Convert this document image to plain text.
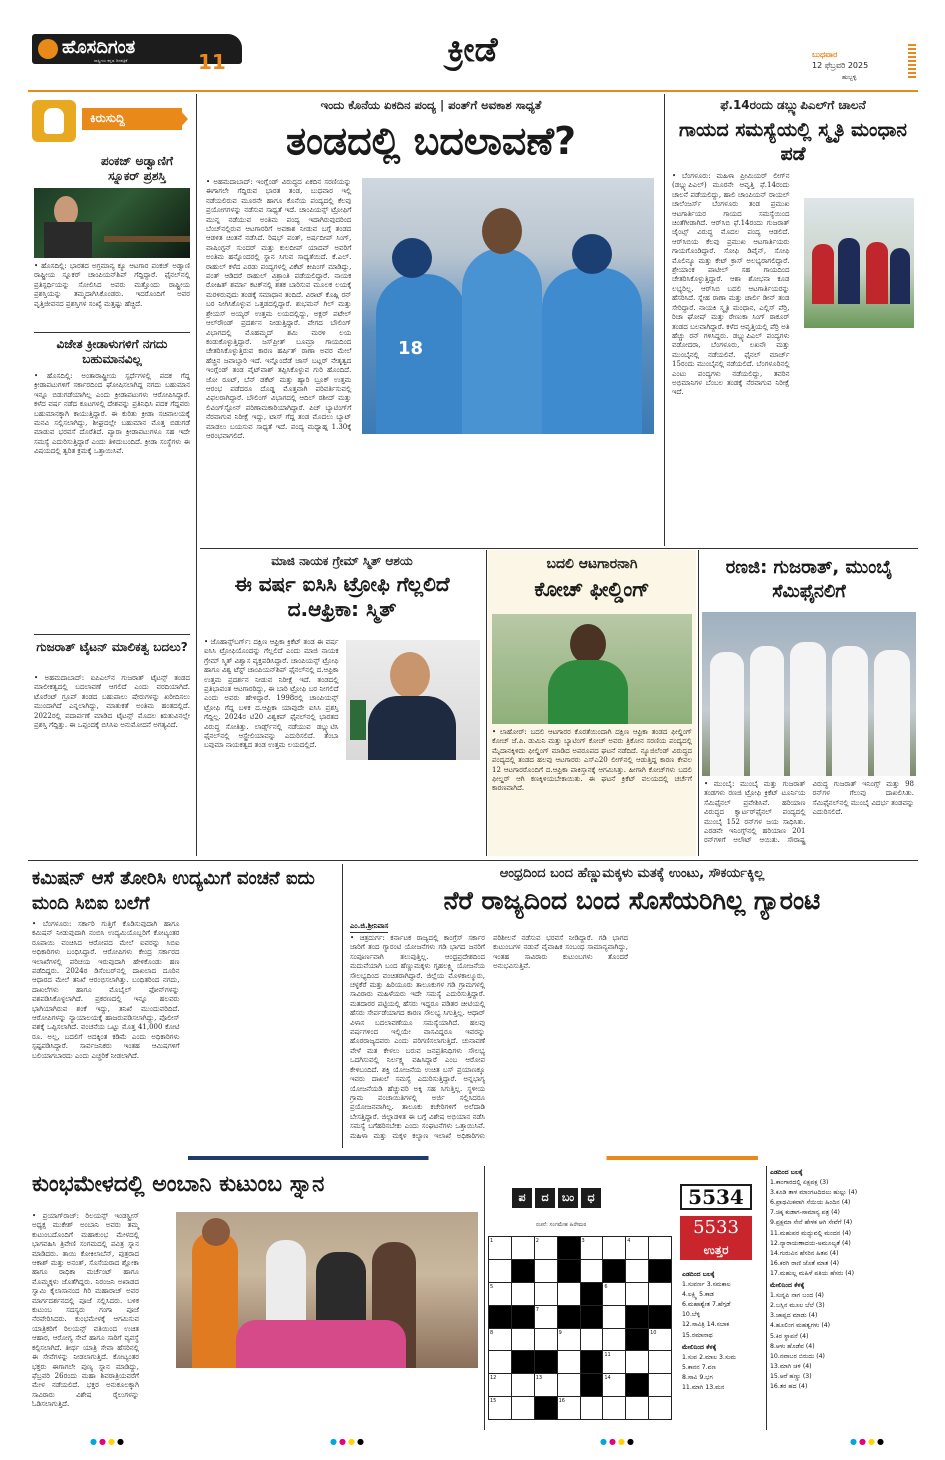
ಹೊಸದಿಗಂತ
ರಾಷ್ಟ್ರೀಯ ಕನ್ನಡ ದಿನಪತ್ರಿಕೆ	11	ಕ್ರೀಡೆ	ಬುಧವಾರ
12 ಫೆಬ್ರವರಿ 2025
ಹುಬ್ಬಳ್ಳಿ
ಕಿರುಸುದ್ದಿ
ಪಂಕಜ್ ಅಡ್ವಾಣಿಗೆ ಸ್ನೂಕರ್ ಪ್ರಶಸ್ತಿ
• ಹೊಸದಿಲ್ಲಿ: ಭಾರತದ ಅಗ್ರಮಾನ್ಯ ಕ್ಯೂ ಆಟಗಾರ ಪಂಕಜ್ ಅಡ್ವಾಣಿ ರಾಷ್ಟ್ರೀಯ ಸ್ನೂಕರ್ ಚಾಂಪಿಯನ್‌ಶಿಪ್ ಗೆದ್ದಿದ್ದಾರೆ. ಫೈನಲ್‌ನಲ್ಲಿ ಪ್ರತಿಸ್ಪರ್ಧಿಯನ್ನು ಸೋಲಿಸಿದ ಅವರು ಮತ್ತೊಂದು ರಾಷ್ಟ್ರೀಯ ಪ್ರಶಸ್ತಿಯನ್ನು ತಮ್ಮದಾಗಿಸಿಕೊಂಡರು. ಇದರೊಂದಿಗೆ ಅವರ ವೃತ್ತಿಜೀವನದ ಪ್ರಶಸ್ತಿಗಳ ಸಂಖ್ಯೆ ಮತ್ತಷ್ಟು ಹೆಚ್ಚಿದೆ.
ವಿಜೇತ ಕ್ರೀಡಾಳುಗಳಿಗೆ ನಗದು ಬಹುಮಾನವಿಲ್ಲ
• ಹೊಸದಿಲ್ಲಿ: ಅಂತಾರಾಷ್ಟ್ರೀಯ ಸ್ಪರ್ಧೆಗಳಲ್ಲಿ ಪದಕ ಗೆದ್ದ ಕ್ರೀಡಾಪಟುಗಳಿಗೆ ಸರ್ಕಾರದಿಂದ ಘೋಷಿಸಲಾಗಿದ್ದ ನಗದು ಬಹುಮಾನ ಇನ್ನೂ ಬಿಡುಗಡೆಯಾಗಿಲ್ಲ ಎಂದು ಕ್ರೀಡಾಪಟುಗಳು ಆರೋಪಿಸಿದ್ದಾರೆ. ಕಳೆದ ವರ್ಷ ನಡೆದ ಕೂಟಗಳಲ್ಲಿ ದೇಶವನ್ನು ಪ್ರತಿನಿಧಿಸಿ ಪದಕ ಗೆದ್ದವರು ಬಹುಮಾನಕ್ಕಾಗಿ ಕಾಯುತ್ತಿದ್ದಾರೆ. ಈ ಕುರಿತು ಕ್ರೀಡಾ ಸಚಿವಾಲಯಕ್ಕೆ ಮನವಿ ಸಲ್ಲಿಸಲಾಗಿದ್ದು, ಶೀಘ್ರದಲ್ಲೇ ಬಹುಮಾನ ಮೊತ್ತ ಬಿಡುಗಡೆ ಮಾಡುವ ಭರವಸೆ ದೊರೆತಿದೆ. ಪ್ಯಾರಾ ಕ್ರೀಡಾಪಟುಗಳೂ ಸಹ ಇದೇ ಸಮಸ್ಯೆ ಎದುರಿಸುತ್ತಿದ್ದಾರೆ ಎಂದು ತಿಳಿದುಬಂದಿದೆ. ಕ್ರೀಡಾ ಸಂಸ್ಥೆಗಳು ಈ ವಿಷಯದಲ್ಲಿ ತ್ವರಿತ ಕ್ರಮಕ್ಕೆ ಒತ್ತಾಯಿಸಿವೆ.
ಗುಜರಾತ್ ಟೈಟನ್ ಮಾಲಿಕತ್ವ ಬದಲು?
• ಅಹಮದಾಬಾದ್: ಐಪಿಎಲ್‌ನ ಗುಜರಾತ್ ಟೈಟನ್ಸ್ ತಂಡದ ಮಾಲೀಕತ್ವದಲ್ಲಿ ಬದಲಾವಣೆ ಆಗಲಿದೆ ಎಂದು ವರದಿಯಾಗಿದೆ. ಟೊರೆಂಟ್ ಗ್ರೂಪ್ ತಂಡದ ಬಹುಪಾಲು ಷೇರುಗಳನ್ನು ಖರೀದಿಸಲು ಮುಂದಾಗಿದೆ ಎನ್ನಲಾಗಿದ್ದು, ಮಾತುಕತೆ ಅಂತಿಮ ಹಂತದಲ್ಲಿದೆ. 2022ರಲ್ಲಿ ಪದಾರ್ಪಣೆ ಮಾಡಿದ ಟೈಟನ್ಸ್ ಮೊದಲ ಋತುವಿನಲ್ಲೇ ಪ್ರಶಸ್ತಿ ಗೆದ್ದಿತ್ತು. ಈ ಒಪ್ಪಂದಕ್ಕೆ ಬಿಸಿಸಿಐ ಅನುಮೋದನೆ ಅಗತ್ಯವಿದೆ.
ಇಂದು ಕೊನೆಯ ಏಕದಿನ ಪಂದ್ಯ | ಪಂತ್‌ಗೆ ಅವಕಾಶ ಸಾಧ್ಯತೆ
ತಂಡದಲ್ಲಿ ಬದಲಾವಣೆ?
18
• ಅಹಮದಾಬಾದ್: ಇಂಗ್ಲೆಂಡ್ ವಿರುದ್ಧದ ಏಕದಿನ ಸರಣಿಯನ್ನು ಈಗಾಗಲೇ ಗೆದ್ದಿರುವ ಭಾರತ ತಂಡ, ಬುಧವಾರ ಇಲ್ಲಿ ನಡೆಯಲಿರುವ ಮೂರನೇ ಹಾಗೂ ಕೊನೆಯ ಪಂದ್ಯದಲ್ಲಿ ಕೆಲವು ಪ್ರಯೋಗಗಳನ್ನು ನಡೆಸುವ ಸಾಧ್ಯತೆ ಇದೆ. ಚಾಂಪಿಯನ್ಸ್ ಟ್ರೋಫಿಗೆ ಮುನ್ನ ನಡೆಯುವ ಅಂತಿಮ ಪಂದ್ಯ ಇದಾಗಿರುವುದರಿಂದ ಬೆಂಚ್‌ನಲ್ಲಿರುವ ಆಟಗಾರರಿಗೆ ಅವಕಾಶ ನೀಡುವ ಬಗ್ಗೆ ತಂಡದ ಆಡಳಿತ ಚಿಂತನೆ ನಡೆಸಿದೆ. ರಿಷಭ್ ಪಂತ್, ಅರ್ಷದೀಪ್ ಸಿಂಗ್, ವಾಷಿಂಗ್ಟನ್ ಸುಂದರ್ ಮತ್ತು ಕುಲದೀಪ್ ಯಾದವ್ ಅವರಿಗೆ ಅಂತಿಮ ಹನ್ನೊಂದರಲ್ಲಿ ಸ್ಥಾನ ಸಿಗುವ ಸಾಧ್ಯತೆಯಿದೆ. ಕೆ.ಎಲ್. ರಾಹುಲ್ ಕಳೆದ ಎರಡು ಪಂದ್ಯಗಳಲ್ಲಿ ವಿಕೆಟ್ ಕೀಪಿಂಗ್ ಮಾಡಿದ್ದು, ಪಂತ್ ಆಡಿದರೆ ರಾಹುಲ್ ವಿಶ್ರಾಂತಿ ಪಡೆಯಲಿದ್ದಾರೆ. ನಾಯಕ ರೋಹಿತ್ ಶರ್ಮಾ ಕಟಕ್‌ನಲ್ಲಿ ಶತಕ ಬಾರಿಸುವ ಮೂಲಕ ಲಯಕ್ಕೆ ಮರಳಿರುವುದು ತಂಡಕ್ಕೆ ಸಮಾಧಾನ ತಂದಿದೆ. ವಿರಾಟ್ ಕೊಹ್ಲಿ ರನ್ ಬರ ನೀಗಿಸಿಕೊಳ್ಳುವ ಒತ್ತಡದಲ್ಲಿದ್ದಾರೆ. ಶುಭಮನ್ ಗಿಲ್ ಮತ್ತು ಶ್ರೇಯಸ್ ಅಯ್ಯರ್ ಉತ್ತಮ ಲಯದಲ್ಲಿದ್ದು, ಅಕ್ಷರ್ ಪಟೇಲ್ ಆಲ್‌ರೌಂಡ್ ಪ್ರದರ್ಶನ ನೀಡುತ್ತಿದ್ದಾರೆ. ವೇಗದ ಬೌಲಿಂಗ್ ವಿಭಾಗದಲ್ಲಿ ಮೊಹಮ್ಮದ್ ಶಮಿ ಮರಳಿ ಲಯ ಕಂಡುಕೊಳ್ಳುತ್ತಿದ್ದಾರೆ. ಜಸ್‌ಪ್ರೀತ್ ಬೂಮ್ರಾ ಗಾಯದಿಂದ ಚೇತರಿಸಿಕೊಳ್ಳುತ್ತಿರುವ ಕಾರಣ ಹರ್ಷಿತ್ ರಾಣಾ ಅವರ ಮೇಲೆ ಹೆಚ್ಚಿನ ಜವಾಬ್ದಾರಿ ಇದೆ. ಇನ್ನೊಂದೆಡೆ ಜಾಸ್ ಬಟ್ಲರ್ ನೇತೃತ್ವದ ಇಂಗ್ಲೆಂಡ್ ತಂಡ ವೈಟ್‌ವಾಶ್ ತಪ್ಪಿಸಿಕೊಳ್ಳುವ ಗುರಿ ಹೊಂದಿದೆ. ಜೋ ರೂಟ್, ಬೆನ್ ಡಕೆಟ್ ಮತ್ತು ಹ್ಯಾರಿ ಬ್ರೂಕ್ ಉತ್ತಮ ಆರಂಭ ಪಡೆದರೂ ದೊಡ್ಡ ಮೊತ್ತವಾಗಿ ಪರಿವರ್ತಿಸುವಲ್ಲಿ ವಿಫಲರಾಗಿದ್ದಾರೆ. ಬೌಲಿಂಗ್ ವಿಭಾಗದಲ್ಲಿ ಆದಿಲ್ ರಶೀದ್ ಮತ್ತು ಲಿವಿಂಗ್‌ಸ್ಟೋನ್ ಪರಿಣಾಮಕಾರಿಯಾಗಿದ್ದಾರೆ. ಪಿಚ್ ಬ್ಯಾಟಿಂಗ್‌ಗೆ ನೆರವಾಗುವ ನಿರೀಕ್ಷೆ ಇದ್ದು, ಟಾಸ್ ಗೆದ್ದ ತಂಡ ಮೊದಲು ಬ್ಯಾಟ್ ಮಾಡಲು ಬಯಸುವ ಸಾಧ್ಯತೆ ಇದೆ. ಪಂದ್ಯ ಮಧ್ಯಾಹ್ನ 1.30ಕ್ಕೆ ಆರಂಭವಾಗಲಿದೆ.
ಫೆ.14ರಂದು ಡಬ್ಲ್ಯುಪಿಎಲ್‌ಗೆ ಚಾಲನೆ
ಗಾಯದ ಸಮಸ್ಯೆಯಲ್ಲಿ ಸ್ಮೃತಿ ಮಂಧಾನ ಪಡೆ
• ಬೆಂಗಳೂರು: ಮಹಿಳಾ ಪ್ರೀಮಿಯರ್ ಲೀಗ್‌ನ (ಡಬ್ಲ್ಯುಪಿಎಲ್) ಮೂರನೇ ಆವೃತ್ತಿ ಫೆ.14ರಂದು ಚಾಲನೆ ಪಡೆಯಲಿದ್ದು, ಹಾಲಿ ಚಾಂಪಿಯನ್ ರಾಯಲ್ ಚಾಲೆಂಜರ್ಸ್ ಬೆಂಗಳೂರು ತಂಡ ಪ್ರಮುಖ ಆಟಗಾರ್ತಿಯರ ಗಾಯದ ಸಮಸ್ಯೆಯಿಂದ ಚಿಂತೆಗೀಡಾಗಿದೆ. ಆರ್‌ಸಿಬಿ ಫೆ.14ರಂದು ಗುಜರಾತ್ ಜೈಂಟ್ಸ್ ವಿರುದ್ಧ ಮೊದಲ ಪಂದ್ಯ ಆಡಲಿದೆ. ಆರ್‌ಸಿಬಿಯ ಕೆಲವು ಪ್ರಮುಖ ಆಟಗಾರ್ತಿಯರು ಗಾಯಗೊಂಡಿದ್ದಾರೆ. ಸೋಫಿ ಡಿವೈನ್, ಸೋಫಿ ಮೊಲಿನ್ಯೂ ಮತ್ತು ಕೇಟ್ ಕ್ರಾಸ್ ಅಲಭ್ಯರಾಗಲಿದ್ದಾರೆ. ಶ್ರೇಯಾಂಕ ಪಾಟೀಲ್ ಸಹ ಗಾಯದಿಂದ ಚೇತರಿಸಿಕೊಳ್ಳುತ್ತಿದ್ದಾರೆ. ಆಶಾ ಶೋಭನಾ ಕೂಡ ಲಭ್ಯರಿಲ್ಲ. ಆರ್‌ಸಿಬಿ ಬದಲಿ ಆಟಗಾರ್ತಿಯರನ್ನು ಹೆಸರಿಸಿದೆ. ಸ್ನೇಹ ರಾಣಾ ಮತ್ತು ಚಾರ್ಲಿ ಡೀನ್ ತಂಡ ಸೇರಿದ್ದಾರೆ. ನಾಯಕಿ ಸ್ಮೃತಿ ಮಂಧಾನ, ಎಲ್ಲಿಸ್ ಪೆರ್ರಿ, ರಿಚಾ ಘೋಷ್ ಮತ್ತು ರೇಣುಕಾ ಸಿಂಗ್ ಠಾಕೂರ್ ತಂಡದ ಬಲವಾಗಿದ್ದಾರೆ. ಕಳೆದ ಆವೃತ್ತಿಯಲ್ಲಿ ಪೆರ್ರಿ ಅತಿ ಹೆಚ್ಚು ರನ್ ಗಳಿಸಿದ್ದರು. ಡಬ್ಲ್ಯುಪಿಎಲ್ ಪಂದ್ಯಗಳು ವಡೋದರಾ, ಬೆಂಗಳೂರು, ಲಖನೌ ಮತ್ತು ಮುಂಬೈನಲ್ಲಿ ನಡೆಯಲಿವೆ. ಫೈನಲ್ ಮಾರ್ಚ್ 15ರಂದು ಮುಂಬೈನಲ್ಲಿ ನಡೆಯಲಿದೆ. ಬೆಂಗಳೂರಿನಲ್ಲಿ ಎಂಟು ಪಂದ್ಯಗಳು ನಡೆಯಲಿದ್ದು, ತವರಿನ ಅಭಿಮಾನಿಗಳ ಬೆಂಬಲ ತಂಡಕ್ಕೆ ನೆರವಾಗುವ ನಿರೀಕ್ಷೆ ಇದೆ.
ಮಾಜಿ ನಾಯಕ ಗ್ರೇಮ್ ಸ್ಮಿತ್ ಆಶಯ
ಈ ವರ್ಷ ಐಸಿಸಿ ಟ್ರೋಫಿ ಗೆಲ್ಲಲಿದೆ ದ.ಆಫ್ರಿಕಾ: ಸ್ಮಿತ್
• ಜೊಹಾನ್ಸ್‌ಬರ್ಗ್: ದಕ್ಷಿಣ ಆಫ್ರಿಕಾ ಕ್ರಿಕೆಟ್ ತಂಡ ಈ ವರ್ಷ ಐಸಿಸಿ ಟ್ರೋಫಿಯೊಂದನ್ನು ಗೆಲ್ಲಲಿದೆ ಎಂದು ಮಾಜಿ ನಾಯಕ ಗ್ರೇಮ್ ಸ್ಮಿತ್ ವಿಶ್ವಾಸ ವ್ಯಕ್ತಪಡಿಸಿದ್ದಾರೆ. ಚಾಂಪಿಯನ್ಸ್ ಟ್ರೋಫಿ ಹಾಗೂ ವಿಶ್ವ ಟೆಸ್ಟ್ ಚಾಂಪಿಯನ್‌ಶಿಪ್ ಫೈನಲ್‌ನಲ್ಲಿ ದ.ಆಫ್ರಿಕಾ ಉತ್ತಮ ಪ್ರದರ್ಶನ ನೀಡುವ ನಿರೀಕ್ಷೆ ಇದೆ. ತಂಡದಲ್ಲಿ ಪ್ರತಿಭಾವಂತ ಆಟಗಾರರಿದ್ದು, ಈ ಬಾರಿ ಟ್ರೋಫಿ ಬರ ನೀಗಲಿದೆ ಎಂದು ಅವರು ಹೇಳಿದ್ದಾರೆ. 1998ರಲ್ಲಿ ಚಾಂಪಿಯನ್ಸ್ ಟ್ರೋಫಿ ಗೆದ್ದ ಬಳಿಕ ದ.ಆಫ್ರಿಕಾ ಯಾವುದೇ ಐಸಿಸಿ ಪ್ರಶಸ್ತಿ ಗೆದ್ದಿಲ್ಲ. 2024ರ ಟಿ20 ವಿಶ್ವಕಪ್ ಫೈನಲ್‌ನಲ್ಲಿ ಭಾರತದ ವಿರುದ್ಧ ಸೋತಿತ್ತು. ಲಾರ್ಡ್ಸ್‌ನಲ್ಲಿ ನಡೆಯುವ ಡಬ್ಲ್ಯುಟಿಸಿ ಫೈನಲ್‌ನಲ್ಲಿ ಆಸ್ಟ್ರೇಲಿಯಾವನ್ನು ಎದುರಿಸಲಿದೆ. ತೆಂಬಾ ಬವುಮಾ ನಾಯಕತ್ವದ ತಂಡ ಉತ್ತಮ ಲಯದಲ್ಲಿದೆ.
ಬದಲಿ ಆಟಗಾರನಾಗಿ
ಕೋಚ್ ಫೀಲ್ಡಿಂಗ್
• ಲಾಹೋರ್: ಬದಲಿ ಆಟಗಾರರ ಕೊರತೆಯಿಂದಾಗಿ ದಕ್ಷಿಣ ಆಫ್ರಿಕಾ ತಂಡದ ಫೀಲ್ಡಿಂಗ್ ಕೋಚ್ ಜೆ.ಪಿ. ಡುಮಿನಿ ಮತ್ತು ಬ್ಯಾಟಿಂಗ್ ಕೋಚ್ ಅವರು ತ್ರಿಕೋನ ಸರಣಿಯ ಪಂದ್ಯದಲ್ಲಿ ಮೈದಾನಕ್ಕಿಳಿದು ಫೀಲ್ಡಿಂಗ್ ಮಾಡಿದ ಅಪರೂಪದ ಘಟನೆ ನಡೆದಿದೆ. ನ್ಯೂಜಿಲೆಂಡ್ ವಿರುದ್ಧದ ಪಂದ್ಯದಲ್ಲಿ ತಂಡದ ಹಲವು ಆಟಗಾರರು ಎಸ್‌ಎ20 ಲೀಗ್‌ನಲ್ಲಿ ಆಡುತ್ತಿದ್ದ ಕಾರಣ ಕೇವಲ 12 ಆಟಗಾರರೊಂದಿಗೆ ದ.ಆಫ್ರಿಕಾ ಪಾಕಿಸ್ತಾನಕ್ಕೆ ಆಗಮಿಸಿತ್ತು. ಹೀಗಾಗಿ ಕೋಚ್‌ಗಳು ಬದಲಿ ಫೀಲ್ಡರ್ ಆಗಿ ಕಣಕ್ಕಿಳಿಯಬೇಕಾಯಿತು. ಈ ಘಟನೆ ಕ್ರಿಕೆಟ್ ವಲಯದಲ್ಲಿ ಚರ್ಚೆಗೆ ಕಾರಣವಾಗಿದೆ.
ರಣಜಿ: ಗುಜರಾತ್, ಮುಂಬೈ ಸೆಮಿಫೈನಲಿಗೆ
• ಮುಂಬೈ: ಮುಂಬೈ ಮತ್ತು ಗುಜರಾತ್ ತಂಡಗಳು ರಣಜಿ ಟ್ರೋಫಿ ಕ್ರಿಕೆಟ್ ಟೂರ್ನಿಯ ಸೆಮಿಫೈನಲ್ ಪ್ರವೇಶಿಸಿವೆ. ಹರಿಯಾಣ ವಿರುದ್ಧದ ಕ್ವಾರ್ಟರ್‌ಫೈನಲ್ ಪಂದ್ಯದಲ್ಲಿ ಮುಂಬೈ 152 ರನ್‌ಗಳ ಜಯ ಸಾಧಿಸಿತು. ಎರಡನೇ ಇನಿಂಗ್ಸ್‌ನಲ್ಲಿ ಹರಿಯಾಣ 201 ರನ್‌ಗಳಿಗೆ ಆಲೌಟ್ ಆಯಿತು. ಸೌರಾಷ್ಟ್ರ ವಿರುದ್ಧ ಗುಜರಾತ್ ಇನಿಂಗ್ಸ್ ಮತ್ತು 98 ರನ್‌ಗಳ ಗೆಲುವು ದಾಖಲಿಸಿತು. ಸೆಮಿಫೈನಲ್‌ನಲ್ಲಿ ಮುಂಬೈ ವಿದರ್ಭ ತಂಡವನ್ನು ಎದುರಿಸಲಿದೆ.
ಕಮಿಷನ್ ಆಸೆ ತೋರಿಸಿ ಉದ್ಯಮಿಗೆ ವಂಚನೆ ಐದು ಮಂದಿ ಸಿಬಿಐ ಬಲೆಗೆ
• ಬೆಂಗಳೂರು: ಸರ್ಕಾರಿ ಗುತ್ತಿಗೆ ಕೊಡಿಸುವುದಾಗಿ ಹಾಗೂ ಕಮಿಷನ್ ನೀಡುವುದಾಗಿ ನಂಬಿಸಿ ಉದ್ಯಮಿಯೊಬ್ಬರಿಗೆ ಕೋಟ್ಯಂತರ ರೂಪಾಯಿ ವಂಚಿಸಿದ ಆರೋಪದ ಮೇಲೆ ಐವರನ್ನು ಸಿಬಿಐ ಅಧಿಕಾರಿಗಳು ಬಂಧಿಸಿದ್ದಾರೆ. ಆರೋಪಿಗಳು ಕೇಂದ್ರ ಸರ್ಕಾರದ ಇಲಾಖೆಗಳಲ್ಲಿ ಪರಿಚಯ ಇರುವುದಾಗಿ ಹೇಳಿಕೊಂಡು ಹಣ ಪಡೆದಿದ್ದರು. 2024ರ ಡಿಸೆಂಬರ್‌ನಲ್ಲಿ ದಾಖಲಾದ ದೂರಿನ ಆಧಾರದ ಮೇಲೆ ತನಿಖೆ ಆರಂಭಿಸಲಾಗಿತ್ತು. ಬಂಧಿತರಿಂದ ನಗದು, ದಾಖಲೆಗಳು ಹಾಗೂ ಮೊಬೈಲ್ ಫೋನ್‌ಗಳನ್ನು ವಶಪಡಿಸಿಕೊಳ್ಳಲಾಗಿದೆ. ಪ್ರಕರಣದಲ್ಲಿ ಇನ್ನೂ ಹಲವರು ಭಾಗಿಯಾಗಿರುವ ಶಂಕೆ ಇದ್ದು, ತನಿಖೆ ಮುಂದುವರಿದಿದೆ. ಆರೋಪಿಗಳನ್ನು ನ್ಯಾಯಾಲಯಕ್ಕೆ ಹಾಜರುಪಡಿಸಲಾಗಿದ್ದು, ಪೊಲೀಸ್ ವಶಕ್ಕೆ ಒಪ್ಪಿಸಲಾಗಿದೆ. ವಂಚನೆಯ ಒಟ್ಟು ಮೊತ್ತ 41,000 ಕೋಟಿ ರೂ. ಅಲ್ಲ, ಬದಲಿಗೆ ಅದಕ್ಕಿಂತ ಕಡಿಮೆ ಎಂದು ಅಧಿಕಾರಿಗಳು ಸ್ಪಷ್ಟಪಡಿಸಿದ್ದಾರೆ. ಸಾರ್ವಜನಿಕರು ಇಂತಹ ಆಮಿಷಗಳಿಗೆ ಬಲಿಯಾಗಬಾರದು ಎಂದು ಎಚ್ಚರಿಕೆ ನೀಡಲಾಗಿದೆ.
ಆಂಧ್ರದಿಂದ ಬಂದ ಹೆಣ್ಣುಮಕ್ಕಳು ಮತಕ್ಕೆ ಉಂಟು, ಸೌಕರ್ಯಕ್ಕಿಲ್ಲ
ನೆರೆ ರಾಜ್ಯದಿಂದ ಬಂದ ಸೊಸೆಯರಿಗಿಲ್ಲ ಗ್ಯಾರಂಟಿ
ಎಂ.ಜಿ.ಶ್ರೀನಿವಾಸ
• ಚಿತ್ರದುರ್ಗ: ಕರ್ನಾಟಕ ರಾಜ್ಯದಲ್ಲಿ ಕಾಂಗ್ರೆಸ್ ಸರ್ಕಾರ ಜಾರಿಗೆ ತಂದ ಗ್ಯಾರಂಟಿ ಯೋಜನೆಗಳು ಗಡಿ ಭಾಗದ ಜನರಿಗೆ ಸಂಪೂರ್ಣವಾಗಿ ತಲುಪುತ್ತಿಲ್ಲ. ಆಂಧ್ರಪ್ರದೇಶದಿಂದ ಮದುವೆಯಾಗಿ ಬಂದ ಹೆಣ್ಣುಮಕ್ಕಳು ಗೃಹಲಕ್ಷ್ಮಿ ಯೋಜನೆಯ ಸೌಲಭ್ಯದಿಂದ ವಂಚಿತರಾಗಿದ್ದಾರೆ. ಜಿಲ್ಲೆಯ ಮೊಳಕಾಲ್ಮೂರು, ಚಳ್ಳಕೆರೆ ಮತ್ತು ಹಿರಿಯೂರು ತಾಲೂಕುಗಳ ಗಡಿ ಗ್ರಾಮಗಳಲ್ಲಿ ಸಾವಿರಾರು ಮಹಿಳೆಯರು ಇದೇ ಸಮಸ್ಯೆ ಎದುರಿಸುತ್ತಿದ್ದಾರೆ. ಮತದಾರರ ಪಟ್ಟಿಯಲ್ಲಿ ಹೆಸರು ಇದ್ದರೂ ಪಡಿತರ ಚೀಟಿಯಲ್ಲಿ ಹೆಸರು ಸೇರ್ಪಡೆಯಾಗದ ಕಾರಣ ಸೌಲಭ್ಯ ಸಿಗುತ್ತಿಲ್ಲ. ಆಧಾರ್ ವಿಳಾಸ ಬದಲಾವಣೆಯೂ ಸಮಸ್ಯೆಯಾಗಿದೆ. ಹಲವು ವರ್ಷಗಳಿಂದ ಇಲ್ಲಿಯೇ ವಾಸವಿದ್ದರೂ ಇವರನ್ನು ಹೊರರಾಜ್ಯದವರು ಎಂದು ಪರಿಗಣಿಸಲಾಗುತ್ತಿದೆ. ಚುನಾವಣೆ ವೇಳೆ ಮತ ಕೇಳಲು ಬರುವ ಜನಪ್ರತಿನಿಧಿಗಳು ಸೌಲಭ್ಯ ಒದಗಿಸುವಲ್ಲಿ ನಿರ್ಲಕ್ಷ್ಯ ವಹಿಸಿದ್ದಾರೆ ಎಂಬ ಆರೋಪ ಕೇಳಿಬಂದಿದೆ. ಶಕ್ತಿ ಯೋಜನೆಯ ಉಚಿತ ಬಸ್ ಪ್ರಯಾಣಕ್ಕೂ ಇವರು ದಾಖಲೆ ಸಮಸ್ಯೆ ಎದುರಿಸುತ್ತಿದ್ದಾರೆ. ಅನ್ನಭಾಗ್ಯ ಯೋಜನೆಯಡಿ ಹೆಚ್ಚುವರಿ ಅಕ್ಕಿ ಸಹ ಸಿಗುತ್ತಿಲ್ಲ. ಸ್ಥಳೀಯ ಗ್ರಾಮ ಪಂಚಾಯಿತಿಗಳಲ್ಲಿ ಅರ್ಜಿ ಸಲ್ಲಿಸಿದರೂ ಪ್ರಯೋಜನವಾಗಿಲ್ಲ. ತಾಲೂಕು ಕಚೇರಿಗಳಿಗೆ ಅಲೆದಾಡಿ ಬೇಸತ್ತಿದ್ದಾರೆ. ಜಿಲ್ಲಾಡಳಿತ ಈ ಬಗ್ಗೆ ವಿಶೇಷ ಅಭಿಯಾನ ನಡೆಸಿ ಸಮಸ್ಯೆ ಬಗೆಹರಿಸಬೇಕು ಎಂದು ಸಂಘಟನೆಗಳು ಒತ್ತಾಯಿಸಿವೆ. ಮಹಿಳಾ ಮತ್ತು ಮಕ್ಕಳ ಕಲ್ಯಾಣ ಇಲಾಖೆ ಅಧಿಕಾರಿಗಳು ಪರಿಶೀಲನೆ ನಡೆಸುವ ಭರವಸೆ ನೀಡಿದ್ದಾರೆ. ಗಡಿ ಭಾಗದ ಕುಟುಂಬಗಳ ನಡುವೆ ವೈವಾಹಿಕ ಸಂಬಂಧ ಸಾಮಾನ್ಯವಾಗಿದ್ದು, ಇಂತಹ ಸಾವಿರಾರು ಕುಟುಂಬಗಳು ತೊಂದರೆ ಅನುಭವಿಸುತ್ತಿವೆ.
ಕುಂಭಮೇಳದಲ್ಲಿ ಅಂಬಾನಿ ಕುಟುಂಬ ಸ್ನಾನ
• ಪ್ರಯಾಗ್‌ರಾಜ್: ರಿಲಯನ್ಸ್ ಇಂಡಸ್ಟ್ರೀಸ್ ಅಧ್ಯಕ್ಷ ಮುಕೇಶ್ ಅಂಬಾನಿ ಅವರು ತಮ್ಮ ಕುಟುಂಬದೊಂದಿಗೆ ಮಹಾಕುಂಭ ಮೇಳದಲ್ಲಿ ಭಾಗವಹಿಸಿ ತ್ರಿವೇಣಿ ಸಂಗಮದಲ್ಲಿ ಪವಿತ್ರ ಸ್ನಾನ ಮಾಡಿದರು. ತಾಯಿ ಕೋಕಿಲಾಬೆನ್, ಪುತ್ರರಾದ ಆಕಾಶ್ ಮತ್ತು ಅನಂತ್, ಸೊಸೆಯರಾದ ಶ್ಲೋಕಾ ಹಾಗೂ ರಾಧಿಕಾ ಮರ್ಚೆಂಟ್ ಹಾಗೂ ಮೊಮ್ಮಕ್ಕಳು ಜೊತೆಗಿದ್ದರು. ನಿರಂಜನಿ ಅಖಾಡದ ಸ್ವಾಮಿ ಕೈಲಾಸಾನಂದ ಗಿರಿ ಮಹಾರಾಜ್ ಅವರ ಮಾರ್ಗದರ್ಶನದಲ್ಲಿ ಪೂಜೆ ಸಲ್ಲಿಸಿದರು. ಬಳಿಕ ಕುಟುಂಬ ಸದಸ್ಯರು ಗಂಗಾ ಪೂಜೆ ನೆರವೇರಿಸಿದರು. ಕುಂಭಮೇಳಕ್ಕೆ ಆಗಮಿಸುವ ಯಾತ್ರಿಕರಿಗೆ ರಿಲಯನ್ಸ್ ವತಿಯಿಂದ ಉಚಿತ ಆಹಾರ, ಆರೋಗ್ಯ ಸೇವೆ ಹಾಗೂ ಸಾರಿಗೆ ವ್ಯವಸ್ಥೆ ಕಲ್ಪಿಸಲಾಗಿದೆ. ತೀರ್ಥ ಯಾತ್ರಿ ಸೇವಾ ಹೆಸರಿನಲ್ಲಿ ಈ ಸೇವೆಗಳನ್ನು ನೀಡಲಾಗುತ್ತಿದೆ. ಕೋಟ್ಯಂತರ ಭಕ್ತರು ಈಗಾಗಲೇ ಪುಣ್ಯ ಸ್ನಾನ ಮಾಡಿದ್ದು, ಫೆಬ್ರವರಿ 26ರಂದು ಮಹಾ ಶಿವರಾತ್ರಿಯವರೆಗೆ ಮೇಳ ನಡೆಯಲಿದೆ. ಭಕ್ತರ ಅನುಕೂಲಕ್ಕಾಗಿ ಸಾವಿರಾರು ವಿಶೇಷ ರೈಲುಗಳನ್ನು ಓಡಿಸಲಾಗುತ್ತಿದೆ.
ಪ	ದ	ಬಂ	ಧ
ರಚನೆ: ಸಂಗಮೇಶ ಹಿರೇಮಠ
1	2	3	4
5	6
7
8	9	10
11
12	13	14
15	16
5534
5533
ಉತ್ತರ
ಎಡದಿಂದ ಬಲಕ್ಕೆ
1.ಸುವರ್ಣ 3.ಸಮಕಾಲ
4.ಲಕ್ಷ್ಮಿ 5.ಕಾಡ
6.ಮಹಾಶ್ವೇತ 7.ಹೆಗ್ಗಡೆ
10.ಬೆಳ್ಳಿ
12.ಸಾವಿತ್ರಿ 14.ಸಬಾಕ
15.ರಮಾನಾಥ
ಮೇಲಿನಿಂದ ಕೆಳಕ್ಕೆ
1.ಸುವ 2.ಮಾಲ 3.ಸುಮ
5.ಕಾನನ 7.ವಣ
8.ಸಾವಿ 9.ಭಗ
11.ಮಾಗಿ 13.ಮನ
ಎಡದಿಂದ ಬಲಕ್ಕೆ
1.ಕಾಂಗಾರದಲ್ಲಿ ಏಕ್ಷಪಕ್ಷ (3)
3.ಕೂಡಿ ತಾಳ ಮಾಂಗಟದಿದಲು ಹುಲ್ಲು (4)
6.ಪ್ರಾಥಮಿಕವಾಗಿ ಸೆಯಿಯ ಹಿಂದಿನ (4)
7.ಚಿಕ್ಕ ಕುಡಾಗ-ಸಾಮಾನ್ಯ ಪತ್ರ (4)
9.ಪ್ರಕ್ಷಮಾ ಸೇನೆ ಹೇಳಕ ಆಗಿ ಸೇವೆಗೆ (4)
11.ಮಹುಪರ ಮದ್ದುವಲ್ಲಿ ಮಂದನ (4)
12.ನ್ಯಾರಾಯಣಾದಯ-ಅಮೂಲ್ಯತೆ (4)
14.ಗುರುವಿನ ಹೆಸರಿನ ಹಿತಪ (4)
16.ಕರಗಿ ರಾಣಿ ಜೊತೆ ಮಾತ (4)
17.ಮಹುಲ್ಲ ಮಹಿಳೆ ಪತಿಯ ಹೆಸರು (4)
ಮೇಲಿನಿಂದ ಕೆಳಕ್ಕೆ
1.ಸುನ್ನಪಿ ನಾಗ ಬಂದ (4)
2.ಬಸ್ಸಿನ ಮೂಲ ಬೆಲೆ (3)
3.ಜಾಪ್ಪದ ಮಾಡು (4)
4.ಹೂಲಿಂಗ ಮಹತ್ವಗಳು (4)
5.ಕಿರ ಸ್ಥಾಪನೆ (4)
8.ಆಳು ಹೊಡೆವ (4)
10.ನವಾಬರ ಬಿರುದು (4)
13.ಮಾಗಿ ಚಳಿ (4)
15.ಆರೆ ಹಣ್ಣು (3)
16.ತರ ಹದ (4)
●●●●	●●●●	●●●●	●●●●
